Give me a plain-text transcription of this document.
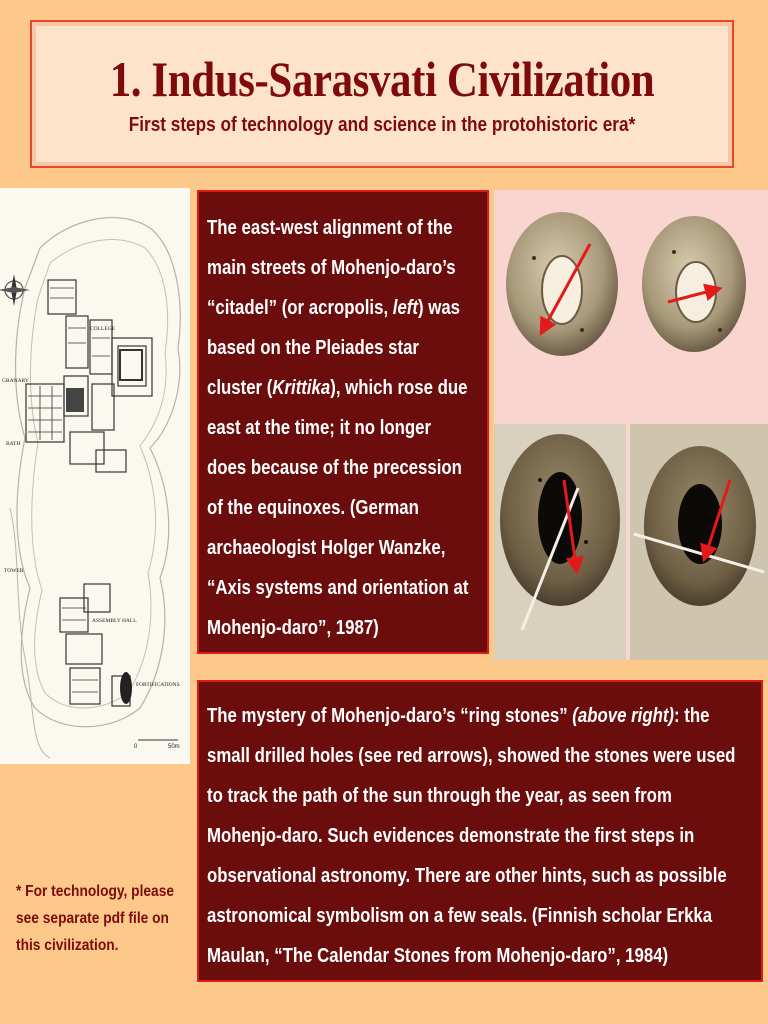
1. Indus-Sarasvati Civilization
First steps of technology and science in the protohistoric era*
COLLEGE
GRANARY
BATH
TOWER
ASSEMBLY HALL
FORTIFICATIONS
0	50m
The east-west alignment of the
main streets of Mohenjo-daro’s
“citadel” (or acropolis, left) was
based on the Pleiades star
cluster (Krittika), which rose due
east at the time; it no longer
does because of the precession
of the equinoxes. (German
archaeologist Holger Wanzke,
“Axis systems and orientation at
Mohenjo-daro”, 1987)
The mystery of Mohenjo-daro’s “ring stones” (above right): the
small drilled holes (see red arrows), showed the stones were used
to track the path of the sun through the year, as seen from
Mohenjo-daro. Such evidences demonstrate the first steps in
observational astronomy. There are other hints, such as possible
astronomical symbolism on a few seals. (Finnish scholar Erkka
Maulan, “The Calendar Stones from Mohenjo-daro”, 1984)
* For technology, please
see separate pdf file on
this civilization.
